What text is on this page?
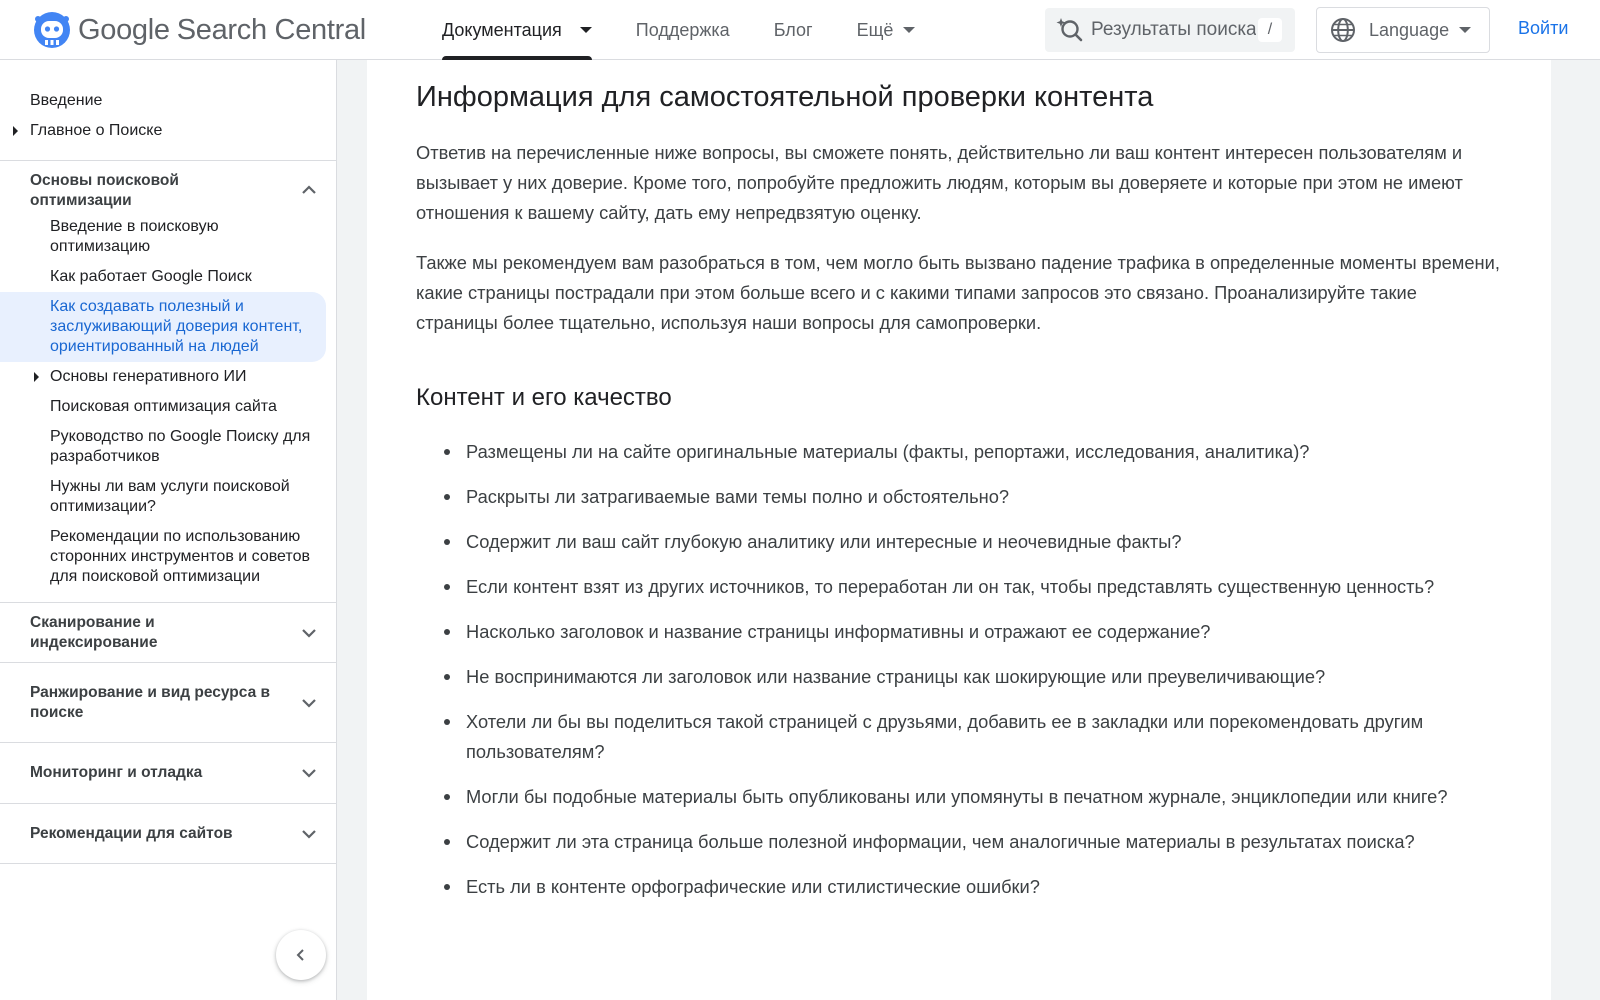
Google Search Central	Документация	Поддержка Блог Ещё
Результаты поиска	/	Language	Войти
Введение
Главное о Поиске
Основы поисковой оптимизации
Введение в поисковую оптимизацию
Как работает Google Поиск
Как создавать полезный и заслуживающий доверия контент, ориентированный на людей
Основы генеративного ИИ
Поисковая оптимизация сайта
Руководство по Google Поиску для разработчиков
Нужны ли вам услуги поисковой оптимизации?
Рекомендации по использованию сторонних инструментов и советов для поисковой оптимизации
Сканирование и индексирование
Ранжирование и вид ресурса в поиске
Мониторинг и отладка
Рекомендации для сайтов
Информация для самостоятельной проверки контента

Ответив на перечисленные ниже вопросы, вы сможете понять, действительно ли ваш контент интересен пользователям и вызывает у них доверие. Кроме того, попробуйте предложить людям, которым вы доверяете и которые при этом не имеют отношения к вашему сайту, дать ему непредвзятую оценку.

Также мы рекомендуем вам разобраться в том, чем могло быть вызвано падение трафика в определенные моменты времени, какие страницы пострадали при этом больше всего и с какими типами запросов это связано. Проанализируйте такие страницы более тщательно, используя наши вопросы для самопроверки.

Контент и его качество
Размещены ли на сайте оригинальные материалы (факты, репортажи, исследования, аналитика)?
Раскрыты ли затрагиваемые вами темы полно и обстоятельно?
Содержит ли ваш сайт глубокую аналитику или интересные и неочевидные факты?
Если контент взят из других источников, то переработан ли он так, чтобы представлять существенную ценность?
Насколько заголовок и название страницы информативны и отражают ее содержание?
Не воспринимаются ли заголовок или название страницы как шокирующие или преувеличивающие?
Хотели ли бы вы поделиться такой страницей с друзьями, добавить ее в закладки или порекомендовать другим пользователям?
Могли бы подобные материалы быть опубликованы или упомянуты в печатном журнале, энциклопедии или книге?
Содержит ли эта страница больше полезной информации, чем аналогичные материалы в результатах поиска?
Есть ли в контенте орфографические или стилистические ошибки?
